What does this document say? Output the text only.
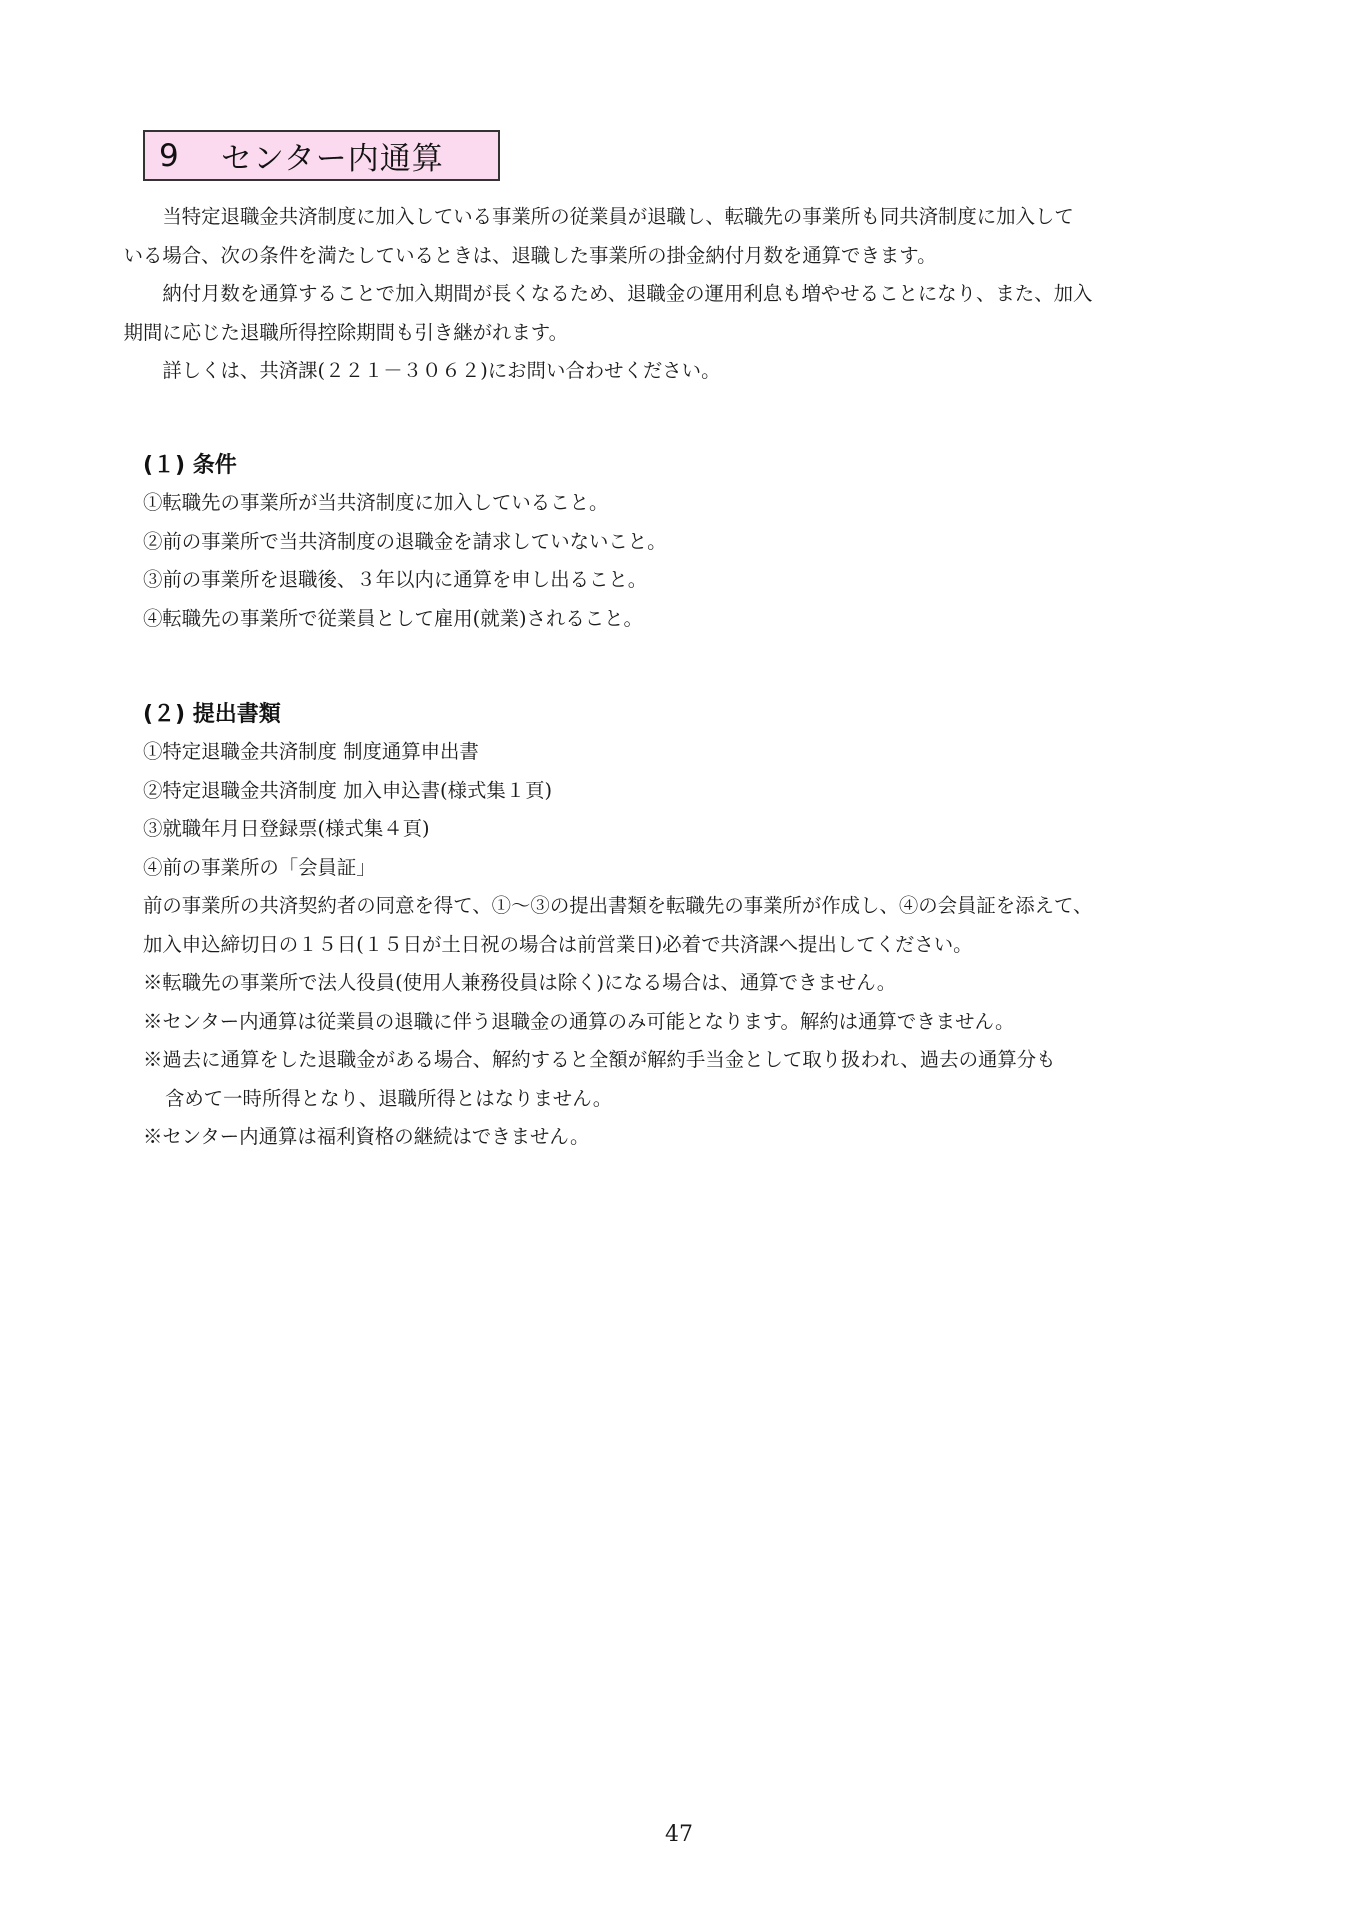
9	センター内通算

当特定退職金共済制度に加入している事業所の従業員が退職し、転職先の事業所も同共済制度に加入して
いる場合、次の条件を満たしているときは、退職した事業所の掛金納付月数を通算できます。

納付月数を通算することで加入期間が長くなるため、退職金の運用利息も増やせることになり、また、加入
期間に応じた退職所得控除期間も引き継がれます。

詳しくは、共済課(２２１－３０６２)にお問い合わせください。

(１) 条件
①転職先の事業所が当共済制度に加入していること。
②前の事業所で当共済制度の退職金を請求していないこと。
③前の事業所を退職後、３年以内に通算を申し出ること。
④転職先の事業所で従業員として雇用(就業)されること。
(２) 提出書類
①特定退職金共済制度 制度通算申出書
②特定退職金共済制度 加入申込書(様式集１頁)
③就職年月日登録票(様式集４頁)
④前の事業所の「会員証」
前の事業所の共済契約者の同意を得て、①～③の提出書類を転職先の事業所が作成し、④の会員証を添えて、
加入申込締切日の１５日(１５日が土日祝の場合は前営業日)必着で共済課へ提出してください。
※転職先の事業所で法人役員(使用人兼務役員は除く)になる場合は、通算できません。
※センター内通算は従業員の退職に伴う退職金の通算のみ可能となります。解約は通算できません。
※過去に通算をした退職金がある場合、解約すると全額が解約手当金として取り扱われ、過去の通算分も
含めて一時所得となり、退職所得とはなりません。
※センター内通算は福利資格の継続はできません。
47
